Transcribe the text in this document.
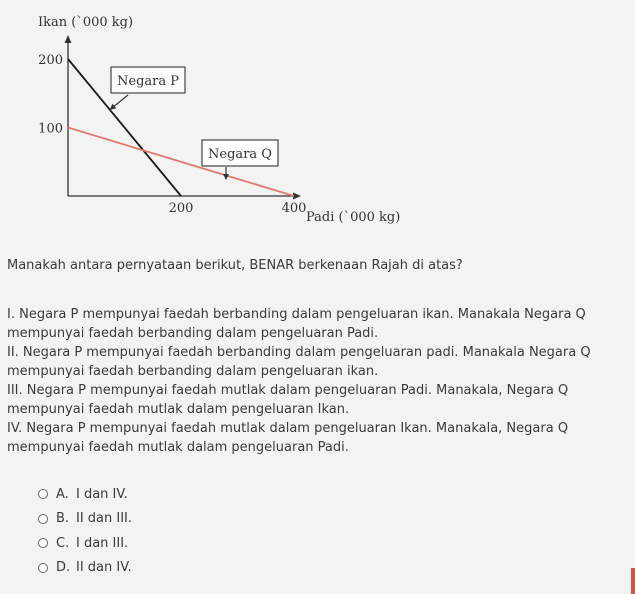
Ikan (`000 kg)
Padi (`000 kg)
200	400
100
200
Negara P
Negara Q
Manakah antara pernyataan berikut, BENAR berkenaan Rajah di atas?
I. Negara P mempunyai faedah berbanding dalam pengeluaran ikan. Manakala Negara Q mempunyai faedah berbanding dalam pengeluaran Padi.
II. Negara P mempunyai faedah berbanding dalam pengeluaran padi. Manakala Negara Q mempunyai faedah berbanding dalam pengeluaran ikan.
III. Negara P mempunyai faedah mutlak dalam pengeluaran Padi. Manakala, Negara Q mempunyai faedah mutlak dalam pengeluaran Ikan.
IV. Negara P mempunyai faedah mutlak dalam pengeluaran Ikan. Manakala, Negara Q mempunyai faedah mutlak dalam pengeluaran Padi.
A. I dan IV.
B. II dan III.
C. I dan III.
D. II dan IV.
